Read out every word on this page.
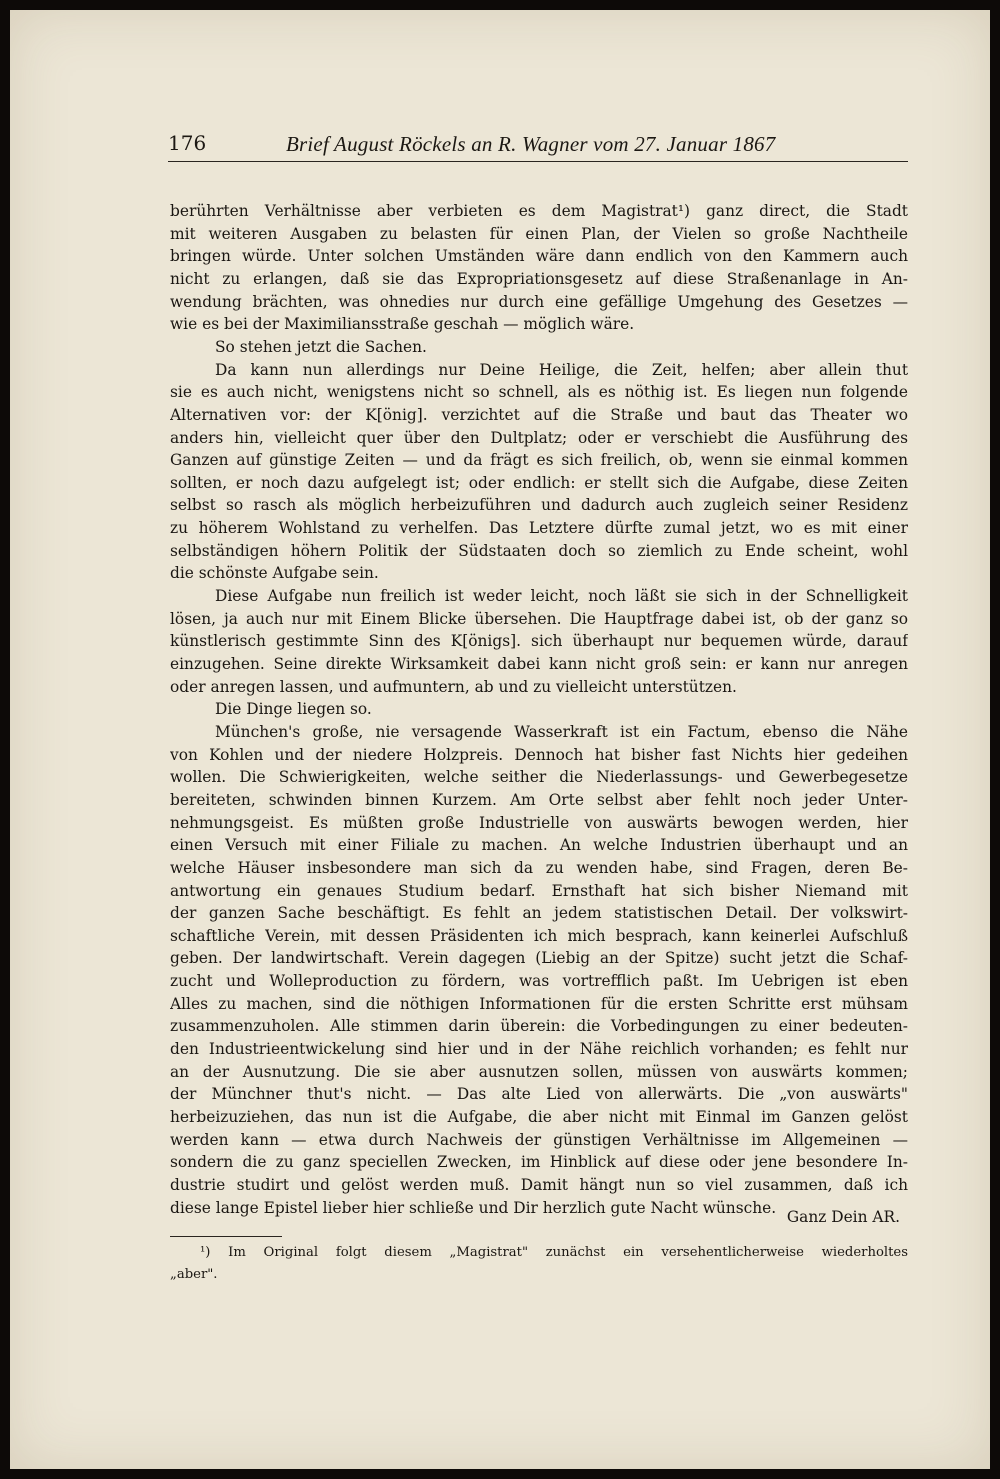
176	Brief August Röckels an R. Wagner vom 27. Januar 1867
berührten Verhältnisse aber verbieten es dem Magistrat¹) ganz direct, die Stadt
mit weiteren Ausgaben zu belasten für einen Plan, der Vielen so große Nachtheile
bringen würde. Unter solchen Umständen wäre dann endlich von den Kammern auch
nicht zu erlangen, daß sie das Expropriationsgesetz auf diese Straßenanlage in An-
wendung brächten, was ohnedies nur durch eine gefällige Umgehung des Gesetzes —
wie es bei der Maximiliansstraße geschah — möglich wäre.
So stehen jetzt die Sachen.
Da kann nun allerdings nur Deine Heilige, die Zeit, helfen; aber allein thut
sie es auch nicht, wenigstens nicht so schnell, als es nöthig ist. Es liegen nun folgende
Alternativen vor: der K[önig]. verzichtet auf die Straße und baut das Theater wo
anders hin, vielleicht quer über den Dultplatz; oder er verschiebt die Ausführung des
Ganzen auf günstige Zeiten — und da frägt es sich freilich, ob, wenn sie einmal kommen
sollten, er noch dazu aufgelegt ist; oder endlich: er stellt sich die Aufgabe, diese Zeiten
selbst so rasch als möglich herbeizuführen und dadurch auch zugleich seiner Residenz
zu höherem Wohlstand zu verhelfen. Das Letztere dürfte zumal jetzt, wo es mit einer
selbständigen höhern Politik der Südstaaten doch so ziemlich zu Ende scheint, wohl
die schönste Aufgabe sein.
Diese Aufgabe nun freilich ist weder leicht, noch läßt sie sich in der Schnelligkeit
lösen, ja auch nur mit Einem Blicke übersehen. Die Hauptfrage dabei ist, ob der ganz so
künstlerisch gestimmte Sinn des K[önigs]. sich überhaupt nur bequemen würde, darauf
einzugehen. Seine direkte Wirksamkeit dabei kann nicht groß sein: er kann nur anregen
oder anregen lassen, und aufmuntern, ab und zu vielleicht unterstützen.
Die Dinge liegen so.
München's große, nie versagende Wasserkraft ist ein Factum, ebenso die Nähe
von Kohlen und der niedere Holzpreis. Dennoch hat bisher fast Nichts hier gedeihen
wollen. Die Schwierigkeiten, welche seither die Niederlassungs- und Gewerbegesetze
bereiteten, schwinden binnen Kurzem. Am Orte selbst aber fehlt noch jeder Unter-
nehmungsgeist. Es müßten große Industrielle von auswärts bewogen werden, hier
einen Versuch mit einer Filiale zu machen. An welche Industrien überhaupt und an
welche Häuser insbesondere man sich da zu wenden habe, sind Fragen, deren Be-
antwortung ein genaues Studium bedarf. Ernsthaft hat sich bisher Niemand mit
der ganzen Sache beschäftigt. Es fehlt an jedem statistischen Detail. Der volkswirt-
schaftliche Verein, mit dessen Präsidenten ich mich besprach, kann keinerlei Aufschluß
geben. Der landwirtschaft. Verein dagegen (Liebig an der Spitze) sucht jetzt die Schaf-
zucht und Wolleproduction zu fördern, was vortrefflich paßt. Im Uebrigen ist eben
Alles zu machen, sind die nöthigen Informationen für die ersten Schritte erst mühsam
zusammenzuholen. Alle stimmen darin überein: die Vorbedingungen zu einer bedeuten-
den Industrieentwickelung sind hier und in der Nähe reichlich vorhanden; es fehlt nur
an der Ausnutzung. Die sie aber ausnutzen sollen, müssen von auswärts kommen;
der Münchner thut's nicht. — Das alte Lied von allerwärts. Die „von auswärts"
herbeizuziehen, das nun ist die Aufgabe, die aber nicht mit Einmal im Ganzen gelöst
werden kann — etwa durch Nachweis der günstigen Verhältnisse im Allgemeinen —
sondern die zu ganz speciellen Zwecken, im Hinblick auf diese oder jene besondere In-
dustrie studirt und gelöst werden muß. Damit hängt nun so viel zusammen, daß ich
diese lange Epistel lieber hier schließe und Dir herzlich gute Nacht wünsche.
Ganz Dein AR.
¹) Im Original folgt diesem „Magistrat" zunächst ein versehentlicherweise wiederholtes
„aber".
